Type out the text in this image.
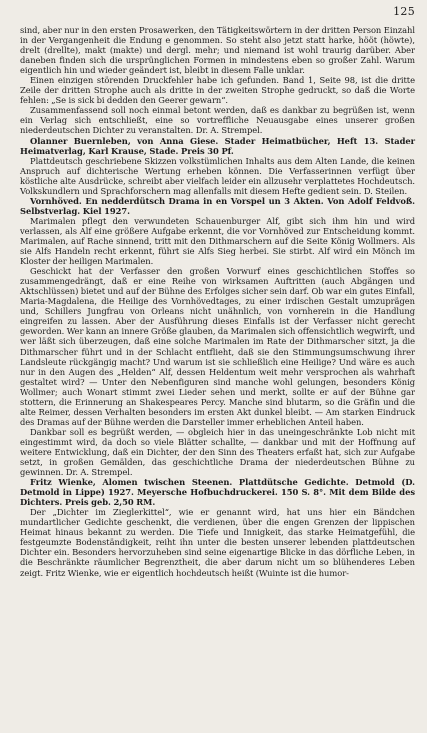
125

sind, aber nur in den ersten Prosawerken, den Tätigkeitswörtern in der dritten Person Einzahl in der Vergangenheit die Endung e genommen. So steht also jetzt statt harke, hööt (höwte), drelt (drellte), makt (makte) und dergl. mehr; und niemand ist wohl traurig darüber. Aber daneben finden sich die ursprünglichen Formen in mindestens eben so großer Zahl. Warum eigentlich hin und wieder geändert ist, bleibt in diesem Falle unklar.

Einen einzigen störenden Druckfehler habe ich gefunden. Band 1, Seite 98, ist die dritte Zeile der dritten Strophe auch als dritte in der zweiten Strophe gedruckt, so daß die Worte fehlen: „Se is sick bi dedden den Geerer gewarn“.

Zusammenfassend soll noch einmal betont werden, daß es dankbar zu begrüßen ist, wenn ein Verlag sich entschließt, eine so vortreffliche Neuausgabe eines unserer großen niederdeutschen Dichter zu veranstalten. Dr. A. Strempel.

Olanner Buernleben, von Anna Giese. Stader Heimatbücher, Heft 13. Stader Heimatverlag, Karl Krause, Stade. Preis 30 Pf.

Plattdeutsch geschriebene Skizzen volkstümlichen Inhalts aus dem Alten Lande, die keinen Anspruch auf dichterische Wertung erheben können. Die Verfasserinnen verfügt über köstliche alte Ausdrücke, schreibt aber vielfach leider ein allzusehr verplattetes Hochdeutsch. Volkskundlern und Sprachforschern mag allenfalls mit diesem Hefte gedient sein. D. Steilen.

Vornhöved. En nedderdütsch Drama in en Vorspel un 3 Akten. Von Adolf Feldvoß. Selbstverlag. Kiel 1927.

Marimalen pflegt den verwundeten Schauenburger Alf, gibt sich ihm hin und wird verlassen, als Alf eine größere Aufgabe erkennt, die vor Vornhöved zur Entscheidung kommt. Marimalen, auf Rache sinnend, tritt mit den Dithmarschern auf die Seite König Wollmers. Als sie Alfs Handeln recht erkennt, führt sie Alfs Sieg herbei. Sie stirbt. Alf wird ein Mönch im Kloster der heiligen Marimalen.

Geschickt hat der Verfasser den großen Vorwurf eines geschichtlichen Stoffes so zusammengedrängt, daß er eine Reihe von wirksamen Auftritten (auch Abgängen und Aktschlüssen) bietet und auf der Bühne des Erfolges sicher sein darf. Ob war ein gutes Einfall, Maria-Magdalena, die Heilige des Vornhövedtages, zu einer irdischen Gestalt umzuprägen und, Schillers Jungfrau von Orleans nicht unähnlich, von vornherein in die Handlung eingreifen zu lassen. Aber der Ausführung dieses Einfalls ist der Verfasser nicht gerecht geworden. Wer kann an innere Größe glauben, da Marimalen sich offensichtlich wegwirft, und wer läßt sich überzeugen, daß eine solche Marimalen im Rate der Dithmarscher sitzt, ja die Dithmarscher führt und in der Schlacht entflieht, daß sie den Stimmungsumschwung ihrer Landsleute rückgängig macht? Und warum ist sie schließlich eine Heilige? Und wäre es auch nur in den Augen des „Helden“ Alf, dessen Heldentum weit mehr versprochen als wahrhaft gestaltet wird? — Unter den Nebenfiguren sind manche wohl gelungen, besonders König Wollmer; auch Wonart stimmt zwei Lieder sehen und merkt, sollte er auf der Bühne gar stottern, die Erinnerung an Shakespeares Percy. Manche sind blutarm, so die Gräfin und die alte Reimer, dessen Verhalten besonders im ersten Akt dunkel bleibt. — Am starken Eindruck des Dramas auf der Bühne werden die Darsteller immer erheblichen Anteil haben.

Dankbar soll es begrüßt werden, — obgleich hier in das uneingeschränkte Lob nicht mit eingestimmt wird, da doch so viele Blätter schallte, — dankbar und mit der Hoffnung auf weitere Entwicklung, daß ein Dichter, der den Sinn des Theaters erfaßt hat, sich zur Aufgabe setzt, in großen Gemälden, das geschichtliche Drama der niederdeutschen Bühne zu gewinnen. Dr. A. Strempel.

Fritz Wienke, Alomen twischen Steenen. Plattdütsche Gedichte. Detmold (D. Detmold in Lippe) 1927. Meyersche Hofbuchdruckerei. 150 S. 8°. Mit dem Bilde des Dichters. Preis geb. 2,50 RM.

Der „Dichter im Zieglerkittel“, wie er genannt wird, hat uns hier ein Bändchen mundartlicher Gedichte geschenkt, die verdienen, über die engen Grenzen der lippischen Heimat hinaus bekannt zu werden. Die Tiefe und Innigkeit, das starke Heimatgefühl, die festgeumzte Bodenständigkeit, reiht ihn unter die besten unserer lebenden plattdeutschen Dichter ein. Besonders hervorzuheben sind seine eigenartige Blicke in das dörfliche Leben, in die Beschränkte räumlicher Begrenztheit, die aber darum nicht um so blühenderes Leben zeigt. Fritz Wienke, wie er eigentlich hochdeutsch heißt (Wuinte ist die humor-
